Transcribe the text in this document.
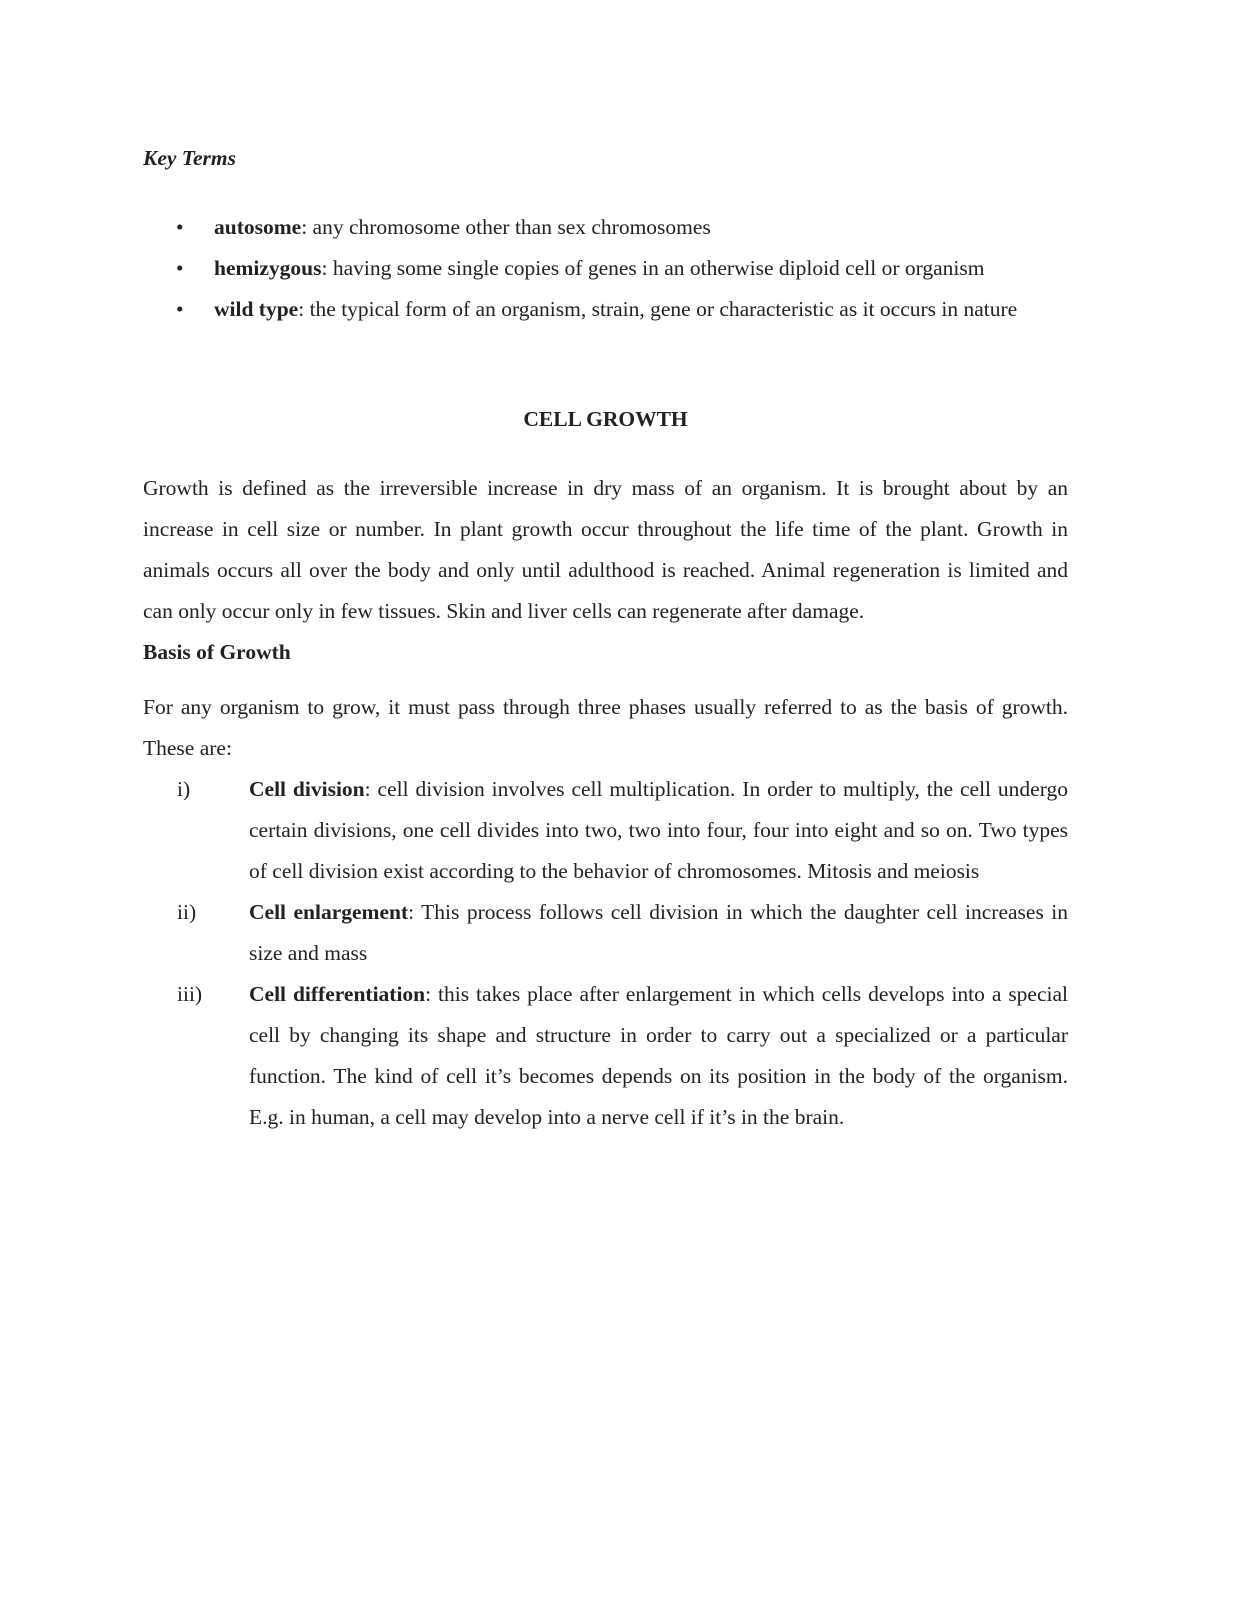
Key Terms

• autosome: any chromosome other than sex chromosomes
• hemizygous: having some single copies of genes in an otherwise diploid cell or organism
• wild type: the typical form of an organism, strain, gene or characteristic as it occurs in nature

CELL GROWTH

Growth is defined as the irreversible increase in dry mass of an organism. It is brought about by an increase in cell size or number. In plant growth occur throughout the life time of the plant. Growth in animals occurs all over the body and only until adulthood is reached. Animal regeneration is limited and can only occur only in few tissues. Skin and liver cells can regenerate after damage.

Basis of Growth

For any organism to grow, it must pass through three phases usually referred to as the basis of growth. These are:

i)	Cell division: cell division involves cell multiplication. In order to multiply, the cell undergo certain divisions, one cell divides into two, two into four, four into eight and so on. Two types of cell division exist according to the behavior of chromosomes. Mitosis and meiosis
ii) Cell enlargement: This process follows cell division in which the daughter cell increases in size and mass
iii) Cell differentiation: this takes place after enlargement in which cells develops into a special cell by changing its shape and structure in order to carry out a specialized or a particular function. The kind of cell it’s becomes depends on its position in the body of the organism. E.g. in human, a cell may develop into a nerve cell if it’s in the brain.
